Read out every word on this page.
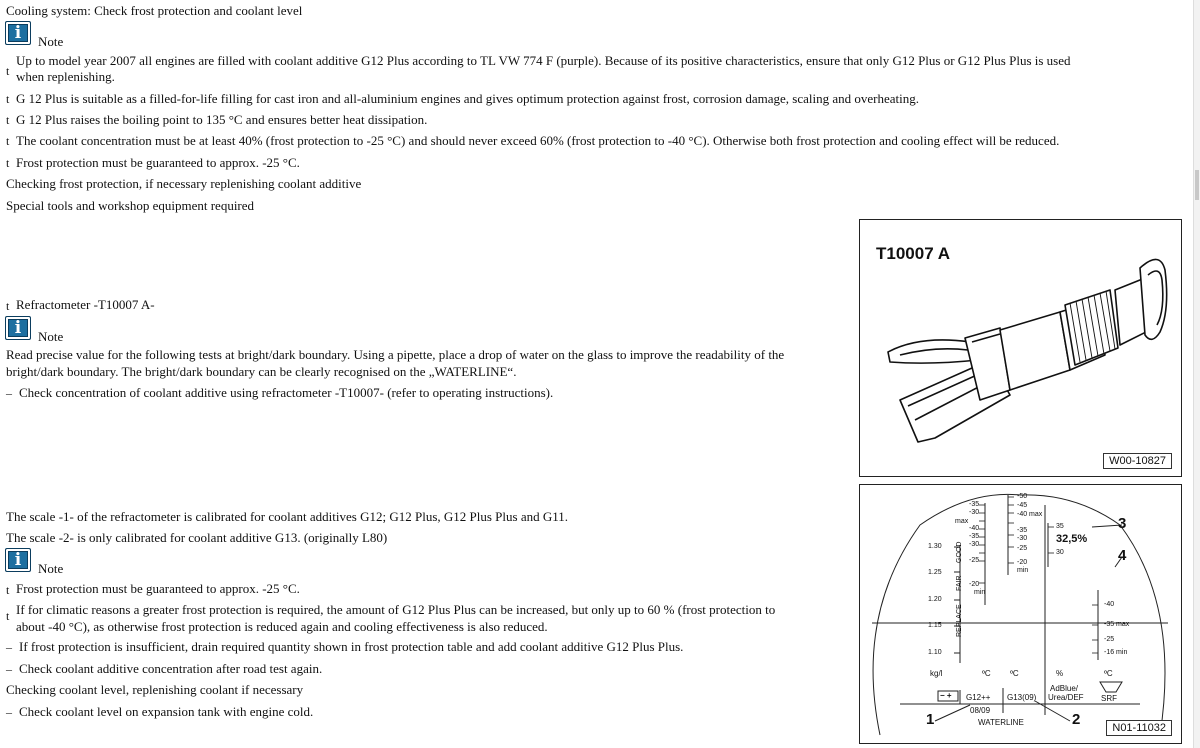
Cooling system: Check frost protection and coolant level
i
Note
t
Up to model year 2007 all engines are filled with coolant additive G12 Plus according to TL VW 774 F (purple). Because of its positive characteristics, ensure that only G12 Plus or G12 Plus Plus is used
when replenishing.
t G 12 Plus is suitable as a filled-for-life filling for cast iron and all-aluminium engines and gives optimum protection against frost, corrosion damage, scaling and overheating.
t G 12 Plus raises the boiling point to 135 °C and ensures better heat dissipation.
t The coolant concentration must be at least 40% (frost protection to -25 °C) and should never exceed 60% (frost protection to -40 °C). Otherwise both frost protection and cooling effect will be reduced.
t Frost protection must be guaranteed to approx. -25 °C.
Checking frost protection, if necessary replenishing coolant additive
Special tools and workshop equipment required
t Refractometer -T10007 A-
i
Note
Read precise value for the following tests at bright/dark boundary. Using a pipette, place a drop of water on the glass to improve the readability of the
bright/dark boundary. The bright/dark boundary can be clearly recognised on the „WATERLINE“.
– Check concentration of coolant additive using refractometer -T10007- (refer to operating instructions).
The scale -1- of the refractometer is calibrated for coolant additives G12; G12 Plus, G12 Plus Plus and G11.
The scale -2- is only calibrated for coolant additive G13. (originally L80)
i
Note
t Frost protection must be guaranteed to approx. -25 °C.
t If for climatic reasons a greater frost protection is required, the amount of G12 Plus Plus can be increased, but only up to 60 % (frost protection to
about -40 °C), as otherwise frost protection is reduced again and cooling effectiveness is also reduced.
– If frost protection is insufficient, drain required quantity shown in frost protection table and add coolant additive G12 Plus Plus.
– Check coolant additive concentration after road test again.
Checking coolant level, replenishing coolant if necessary
– Check coolant level on expansion tank with engine cold.
T10007 A
W00-10827
1.30
1.25
1.20
1.15
1.10
GOOD
FAIR
REPLACE
max
-35
-30
-40
-35
-30
-25
-20
min
-50
-45
-40 max
-35
-30
-25
-20
min
35
30
-40
-35 max
-25
-16 min
32,5%
kg/l	ºC ºC	%	ºC
G12++ G13(09)
AdBlue/
Urea/DEF SRF
08/09
WATERLINE
− +
1	2
3
4
N01-11032
